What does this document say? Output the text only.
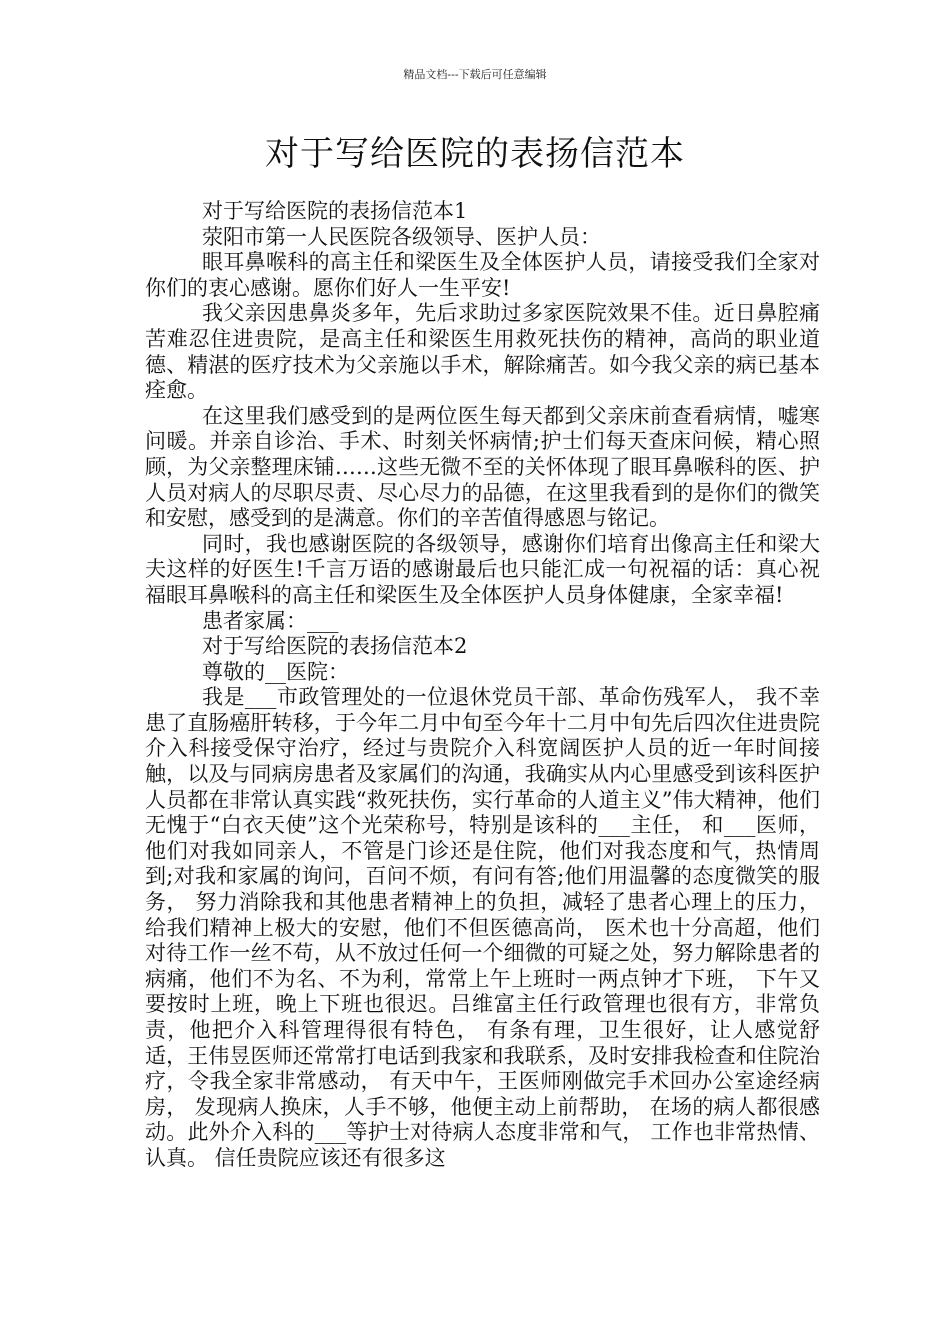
精品文档---下载后可任意编辑
对于写给医院的表扬信范本

对于写给医院的表扬信范本1

荥阳市第一人民医院各级领导、医护人员：

眼耳鼻喉科的高主任和梁医生及全体医护人员，请接受我们全家对你们的衷心感谢。愿你们好人一生平安!

我父亲因患鼻炎多年，先后求助过多家医院效果不佳。近日鼻腔痛苦难忍住进贵院，是高主任和梁医生用救死扶伤的精神，高尚的职业道德、精湛的医疗技术为父亲施以手术，解除痛苦。如今我父亲的病已基本痊愈。

在这里我们感受到的是两位医生每天都到父亲床前查看病情，嘘寒问暖。并亲自诊治、手术、时刻关怀病情;护士们每天查床问候，精心照顾，为父亲整理床铺……这些无微不至的关怀体现了眼耳鼻喉科的医、护人员对病人的尽职尽责、尽心尽力的品德，在这里我看到的是你们的微笑和安慰，感受到的是满意。你们的辛苦值得感恩与铭记。

同时，我也感谢医院的各级领导，感谢你们培育出像高主任和梁大夫这样的好医生!千言万语的感谢最后也只能汇成一句祝福的话：真心祝福眼耳鼻喉科的高主任和梁医生及全体医护人员身体健康，全家幸福!

患者家属：___

对于写给医院的表扬信范本2

尊敬的__医院：

我是___市政管理处的一位退休党员干部、革命伤残军人， 我不幸患了直肠癌肝转移，于今年二月中旬至今年十二月中旬先后四次住进贵院介入科接受保守治疗，经过与贵院介入科宽阔医护人员的近一年时间接触，以及与同病房患者及家属们的沟通，我确实从内心里感受到该科医护人员都在非常认真实践“救死扶伤，实行革命的人道主义”伟大精神，他们无愧于“白衣天使”这个光荣称号，特别是该科的___主任， 和___医师，他们对我如同亲人，不管是门诊还是住院，他们对我态度和气，热情周到;对我和家属的询问，百问不烦，有问有答;他们用温馨的态度微笑的服务， 努力消除我和其他患者精神上的负担，减轻了患者心理上的压力，给我们精神上极大的安慰，他们不但医德高尚， 医术也十分高超，他们对待工作一丝不苟，从不放过任何一个细微的可疑之处，努力解除患者的病痛，他们不为名、不为利，常常上午上班时一两点钟才下班， 下午又要按时上班，晚上下班也很迟。吕维富主任行政管理也很有方，非常负责，他把介入科管理得很有特色， 有条有理，卫生很好，让人感觉舒适，王伟昱医师还常常打电话到我家和我联系，及时安排我检查和住院治疗，令我全家非常感动， 有天中午，王医师刚做完手术回办公室途经病房， 发现病人换床，人手不够，他便主动上前帮助， 在场的病人都很感动。此外介入科的___等护士对待病人态度非常和气， 工作也非常热情、认真。 信任贵院应该还有很多这
